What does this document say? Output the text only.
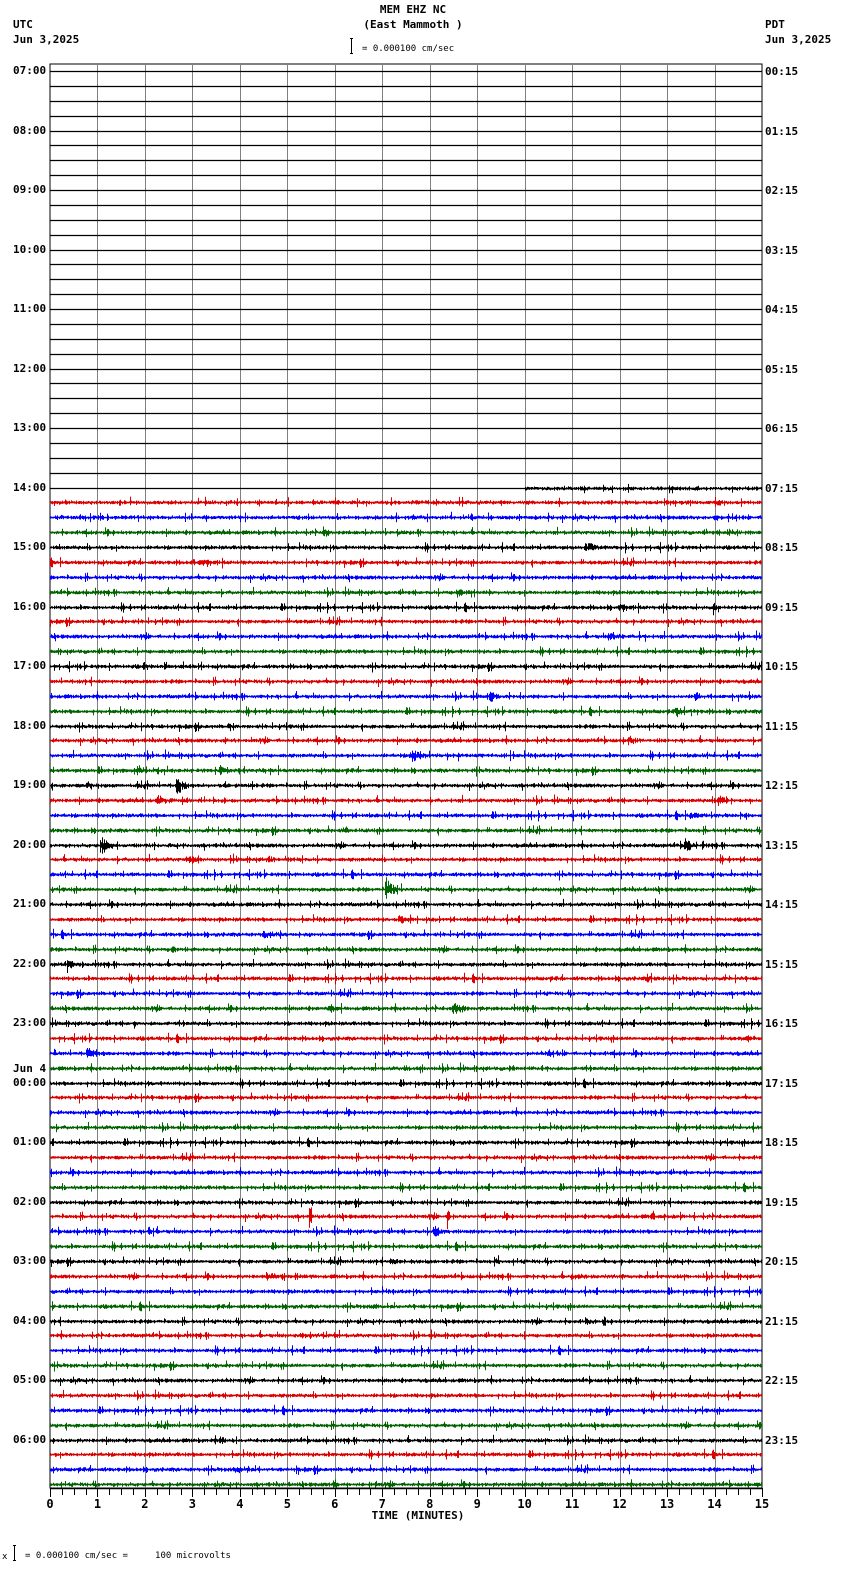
MEM EHZ NC
(East Mammoth )
UTC
Jun 3,2025
PDT
Jun 3,2025
= 0.000100 cm/sec
07:00
08:00
09:00
10:00
11:00
12:00
13:00
14:00
15:00
16:00
17:00
18:00
19:00
20:00
21:00
22:00
23:00
00:00
Jun 4
01:00
02:00
03:00
04:00
05:00
06:00
00:15
01:15
02:15
03:15
04:15
05:15
06:15
07:15
08:15
09:15
10:15
11:15
12:15
13:15
14:15
15:15
16:15
17:15
18:15
19:15
20:15
21:15
22:15
23:15
0	1	2	3	4	5	6	7	8	9	10	11	12	13	14	15
TIME (MINUTES)
x = 0.000100 cm/sec =     100 microvolts
